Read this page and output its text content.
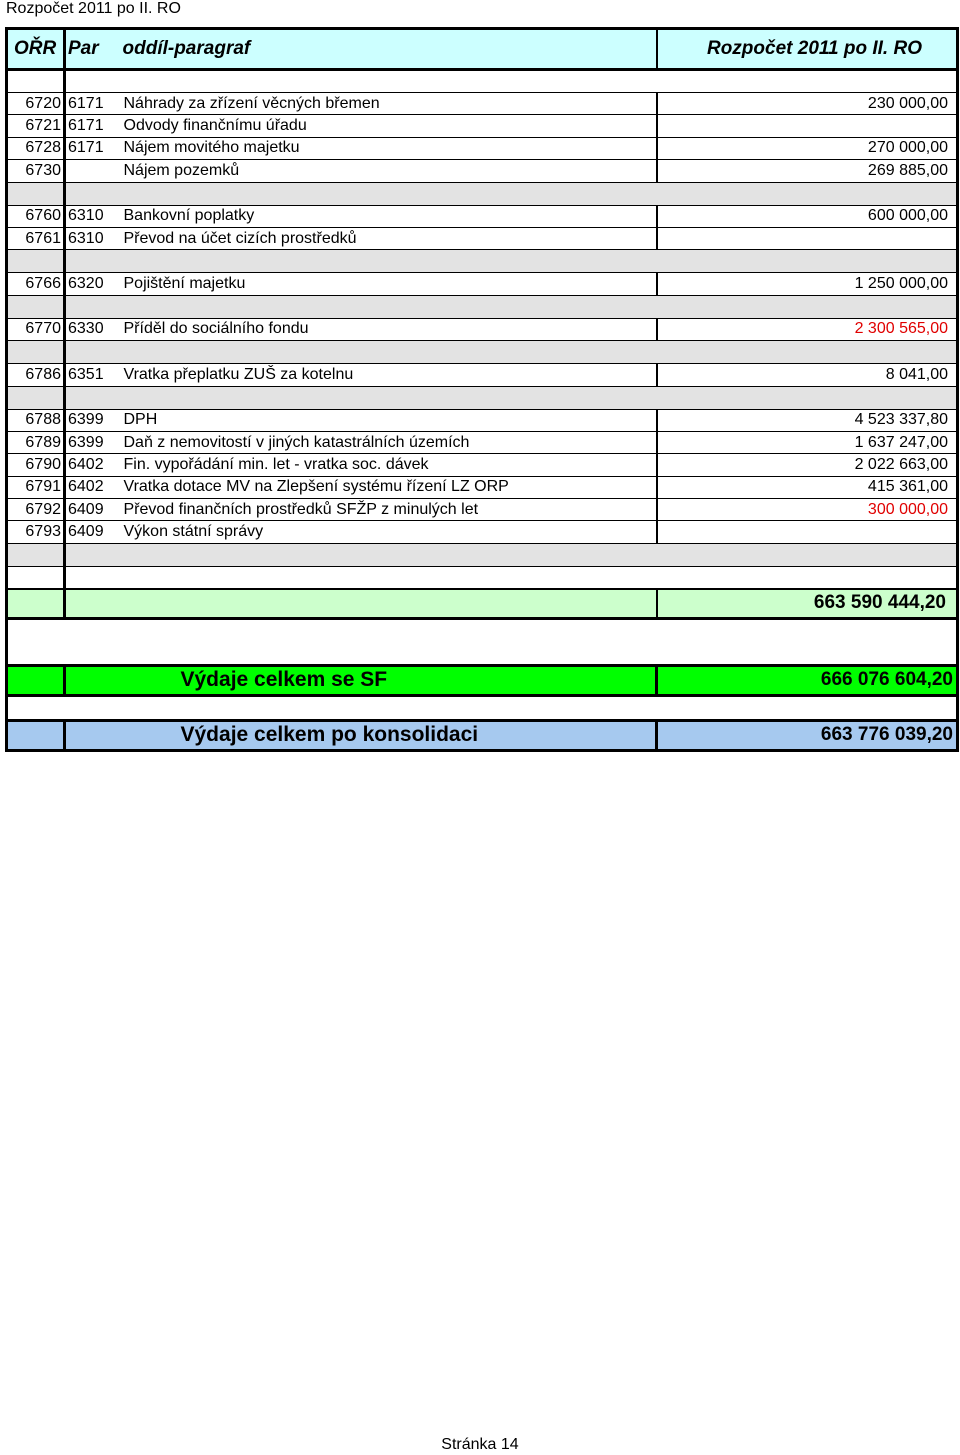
Rozpočet 2011 po II. RO
OŘR	Par	oddíl-paragraf	Rozpočet 2011 po II. RO

6720	6171	Náhrady za zřízení věcných břemen	230 000,00
6721	6171	Odvody finančnímu úřadu	
6728	6171	Nájem movitého majetku	270 000,00
6730		Nájem pozemků	269 885,00

6760	6310	Bankovní poplatky	600 000,00
6761	6310	Převod na účet cizích prostředků	

6766	6320	Pojištění majetku	1 250 000,00

6770	6330	Příděl do sociálního fondu	2 300 565,00

6786	6351	Vratka přeplatku ZUŠ za kotelnu	8 041,00

6788	6399	DPH	4 523 337,80
6789	6399	Daň z nemovitostí v jiných katastrálních územích	1 637 247,00
6790	6402	Fin. vypořádání min. let - vratka soc. dávek	2 022 663,00
6791	6402	Vratka dotace MV na Zlepšení systému řízení LZ ORP	415 361,00
6792	6409	Převod finančních prostředků SFŽP z minulých let	300 000,00
6793	6409	Výkon státní správy	

			663 590 444,20

		Výdaje celkem se SF	666 076 604,20

		Výdaje celkem po konsolidaci	663 776 039,20
Stránka 14
